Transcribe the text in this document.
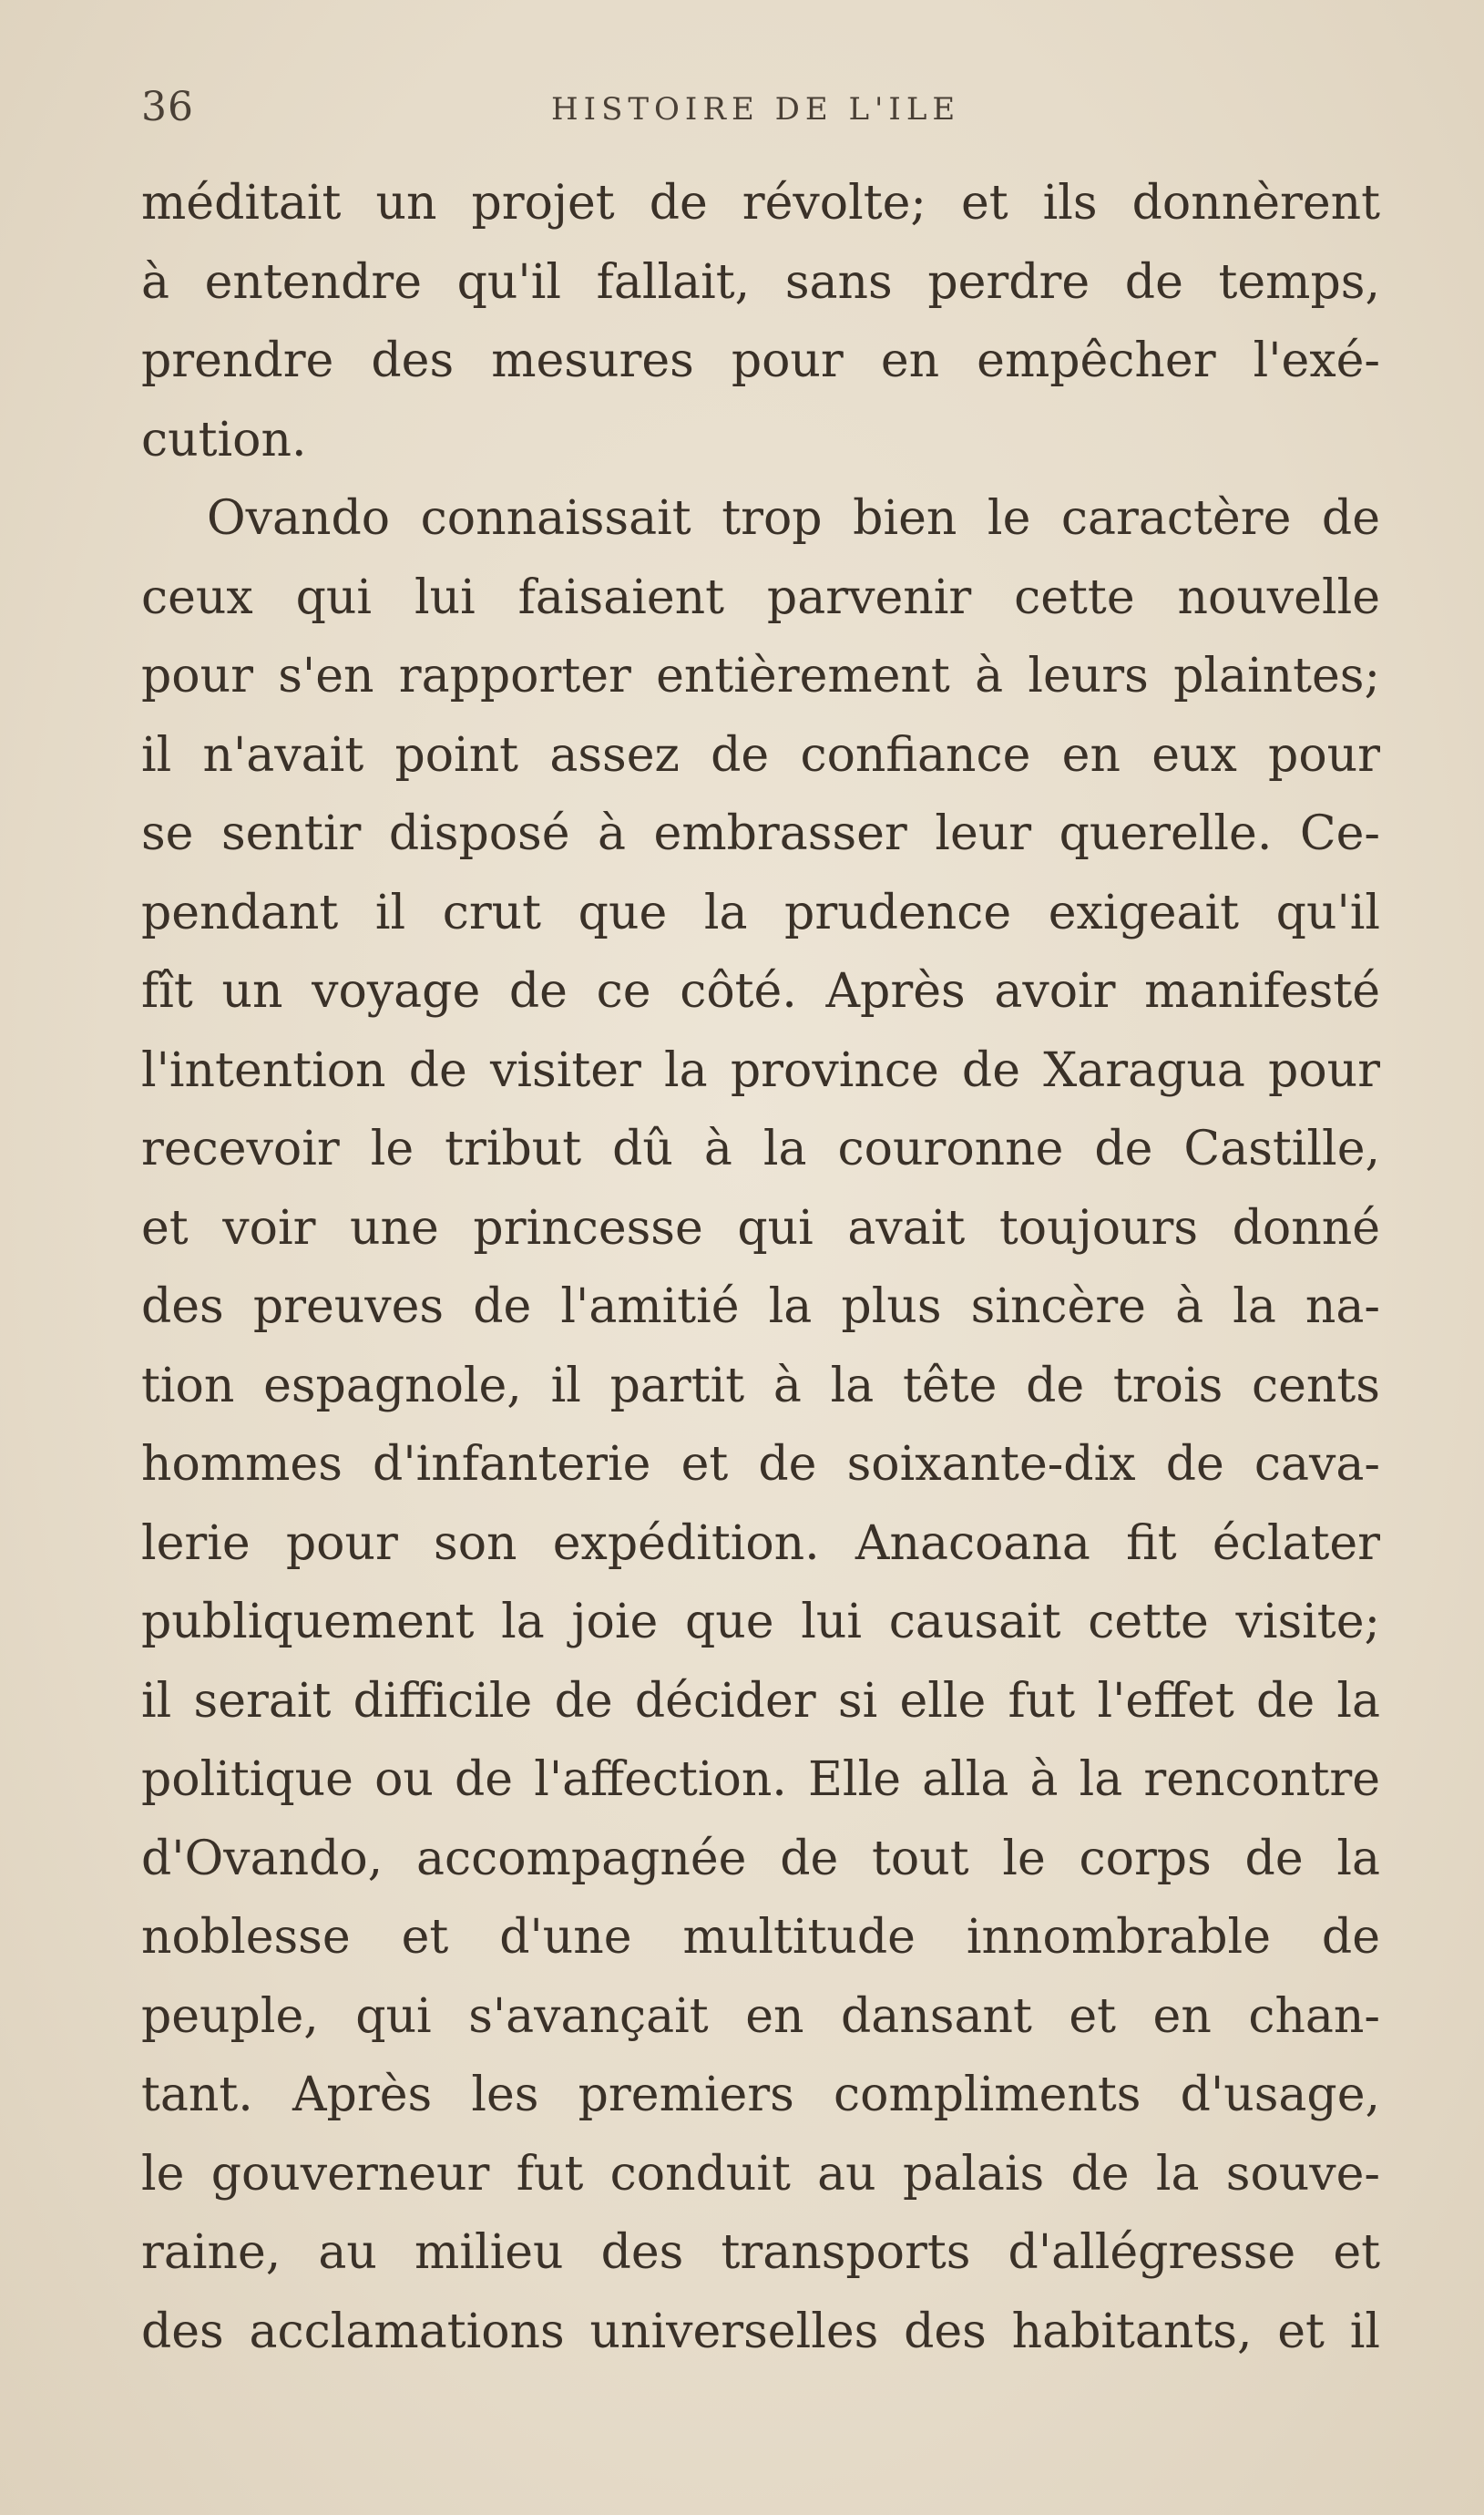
36	HISTOIRE DE L'ILE
méditait un projet de révolte; et ils donnèrent
à entendre qu'il fallait, sans perdre de temps,
prendre des mesures pour en empêcher l'exé-
cution.
Ovando connaissait trop bien le caractère de
ceux qui lui faisaient parvenir cette nouvelle
pour s'en rapporter entièrement à leurs plaintes;
il n'avait point assez de confiance en eux pour
se sentir disposé à embrasser leur querelle. Ce-
pendant il crut que la prudence exigeait qu'il
fît un voyage de ce côté. Après avoir manifesté
l'intention de visiter la province de Xaragua pour
recevoir le tribut dû à la couronne de Castille,
et voir une princesse qui avait toujours donné
des preuves de l'amitié la plus sincère à la na-
tion espagnole, il partit à la tête de trois cents
hommes d'infanterie et de soixante-dix de cava-
lerie pour son expédition. Anacoana fit éclater
publiquement la joie que lui causait cette visite;
il serait difficile de décider si elle fut l'effet de la
politique ou de l'affection. Elle alla à la rencontre
d'Ovando, accompagnée de tout le corps de la
noblesse et d'une multitude innombrable de
peuple, qui s'avançait en dansant et en chan-
tant. Après les premiers compliments d'usage,
le gouverneur fut conduit au palais de la souve-
raine, au milieu des transports d'allégresse et
des acclamations universelles des habitants, et il
